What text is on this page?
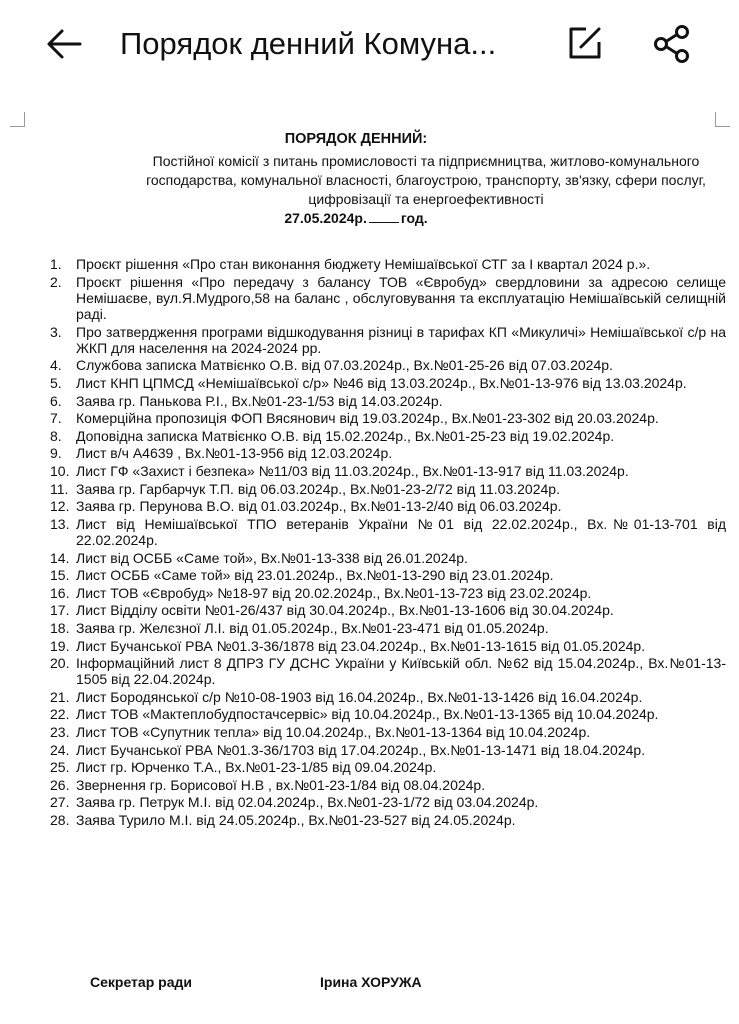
Порядок денний Комуна...
ПОРЯДОК ДЕННИЙ:
Постійної комісії з питань промисловості та підприємництва, житлово-комунального господарства, комунальної власності, благоустрою, транспорту, зв'язку, сфери послуг, цифровізації та енергоефективності
27.05.2024р. год.
1.	Проєкт рішення «Про стан виконання бюджету Немішаївської СТГ за І квартал 2024 р.».
2.	Проєкт рішення «Про передачу з балансу ТОВ «Євробуд» свердловини за адресою селище Немішаєве, вул.Я.Мудрого,58 на баланс , обслуговування та експлуатацію Немішаївській селищній раді.
3.	Про затвердження програми відшкодування різниці в тарифах КП «Микуличі» Немішаївської с/р на ЖКП для населення на 2024-2024 рр.
4.	Службова записка Матвієнко О.В. від 07.03.2024р., Вх.№01-25-26 від 07.03.2024р.
5.	Лист КНП ЦПМСД «Немішаївської с/р» №46 від 13.03.2024р., Вх.№01-13-976 від 13.03.2024р.
6.	Заява гр. Панькова Р.І., Вх.№01-23-1/53 від 14.03.2024р.
7.	Комерційна пропозиція ФОП Вясянович від 19.03.2024р., Вх.№01-23-302 від 20.03.2024р.
8.	Доповідна записка Матвієнко О.В. від 15.02.2024р., Вх.№01-25-23 від 19.02.2024р.
9.	Лист в/ч А4639 , Вх.№01-13-956 від 12.03.2024р.
10. Лист ГФ «Захист і безпека» №11/03 від 11.03.2024р., Вх.№01-13-917 від 11.03.2024р.
11. Заява гр. Гарбарчук Т.П. від 06.03.2024р., Вх.№01-23-2/72 від 11.03.2024р.
12. Заява гр. Перунова В.О. від 01.03.2024р., Вх.№01-13-2/40 від 06.03.2024р.
13. Лист від Немішаївської ТПО ветеранів України №01 від 22.02.2024р., Вх.№01-13-701 від 22.02.2024р.
14. Лист від ОСББ «Саме той», Вх.№01-13-338 від 26.01.2024р.
15. Лист ОСББ «Саме той» від 23.01.2024р., Вх.№01-13-290 від 23.01.2024р.
16. Лист ТОВ «Євробуд» №18-97 від 20.02.2024р., Вх.№01-13-723 від 23.02.2024р.
17. Лист Відділу освіти №01-26/437 від 30.04.2024р., Вх.№01-13-1606 від 30.04.2024р.
18. Заява гр. Желєзної Л.І. від 01.05.2024р., Вх.№01-23-471 від 01.05.2024р.
19. Лист Бучанської РВА №01.3-36/1878 від 23.04.2024р., Вх.№01-13-1615 від 01.05.2024р.
20. Інформаційний лист 8 ДПРЗ ГУ ДСНС України у Київській обл. №62 від 15.04.2024р., Вх.№01-13-1505 від 22.04.2024р.
21. Лист Бородянської с/р №10-08-1903 від 16.04.2024р., Вх.№01-13-1426 від 16.04.2024р.
22. Лист ТОВ «Мактеплобудпостачсервіс» від 10.04.2024р., Вх.№01-13-1365 від 10.04.2024р.
23. Лист ТОВ «Супутник тепла» від 10.04.2024р., Вх.№01-13-1364 від 10.04.2024р.
24. Лист Бучанської РВА №01.3-36/1703 від 17.04.2024р., Вх.№01-13-1471 від 18.04.2024р.
25. Лист гр. Юрченко Т.А., Вх.№01-23-1/85 від 09.04.2024р.
26. Звернення гр. Борисової Н.В , вх.№01-23-1/84 від 08.04.2024р.
27. Заява гр. Петрук М.І. від 02.04.2024р., Вх.№01-23-1/72 від 03.04.2024р.
28. Заява Турило М.І. від 24.05.2024р., Вх.№01-23-527 від 24.05.2024р.
Секретар ради	Ірина ХОРУЖА
